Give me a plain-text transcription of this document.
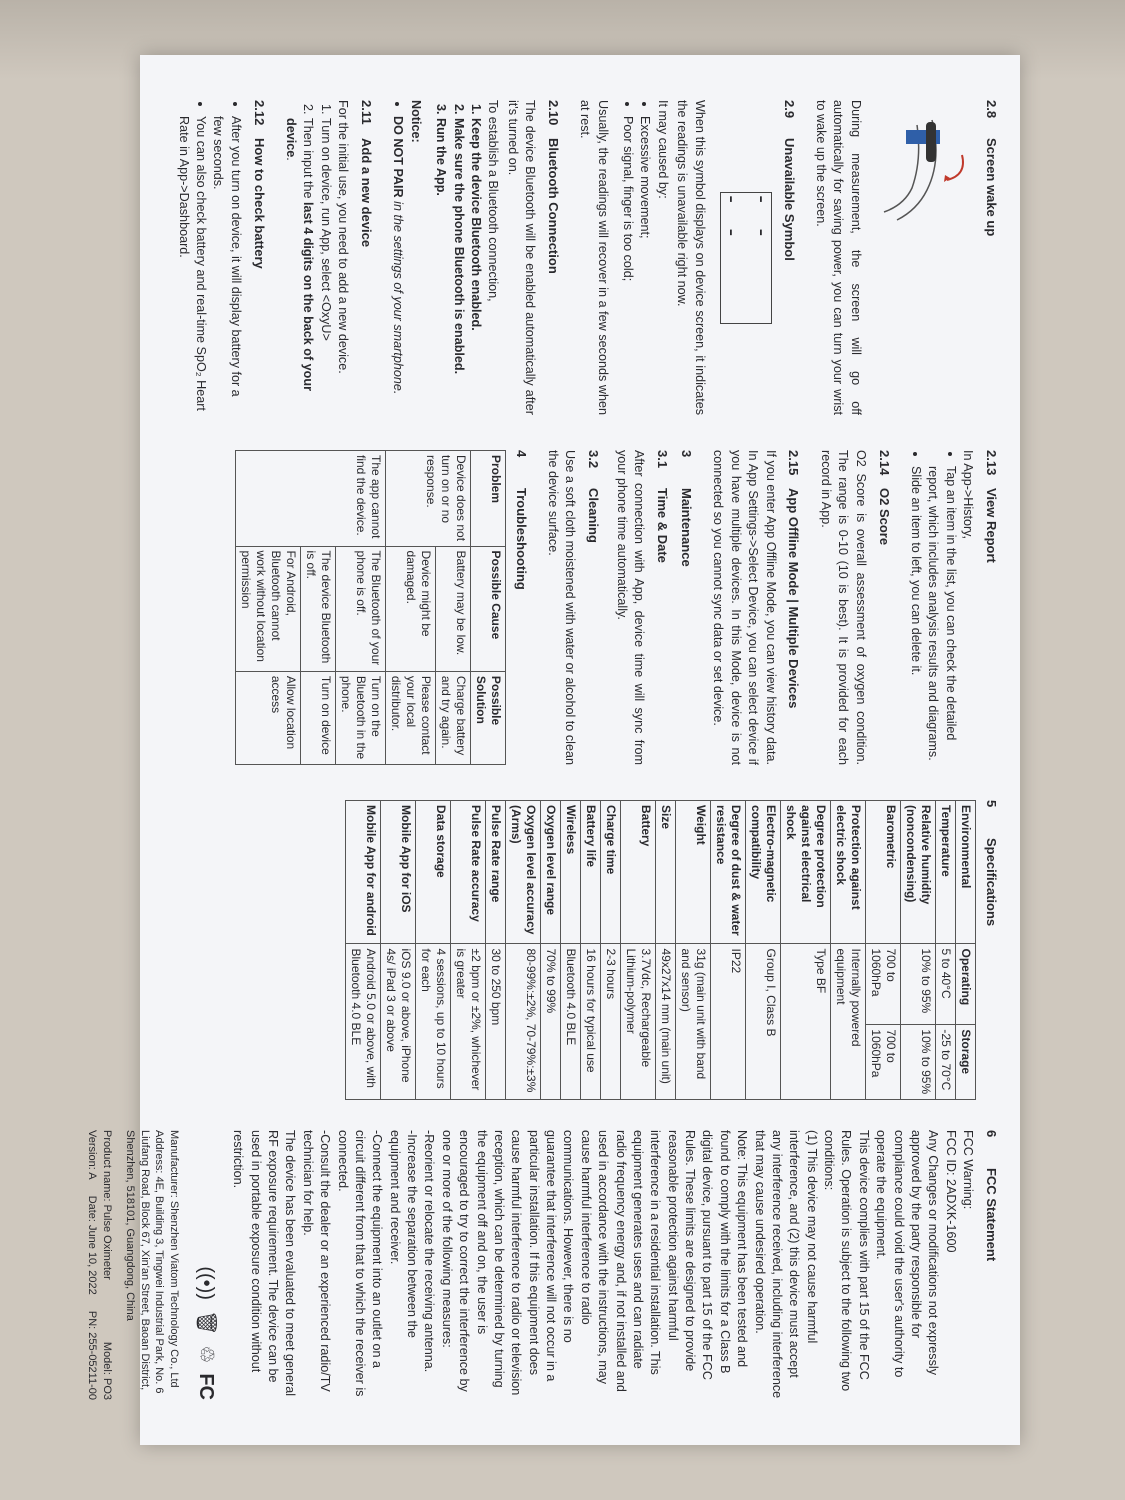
2.8Screen wake up

During measurement, the screen will go off automatically for saving power, you can turn your wrist to wake up the screen.

2.9Unavailable Symbol
-- --

When this symbol displays on device screen, it indicates the readings is unavailable right now.

It may caused by:
• Excessive movement;
• Poor signal, finger is too cold;

Usually, the readings will recover in a few seconds when at rest.

2.10Bluetooth Connection

The device Bluetooth will be enabled automatically after it's turned on.

To establish a Bluetooth connection,
1. Keep the device Bluetooth enabled.
2. Make sure the phone Bluetooth is enabled.
3. Run the App.
Notice:
• DO NOT PAIR in the settings of your smartphone.
2.11Add a new device
For the initial use, you need to add a new device.
1. Turn on device, run App, select <OxyU>
2. Then input the last 4 digits on the back of your device.
2.12How to check battery
• After you turn on device, it will display battery for a few seconds.
• You can also check battery and real-time SpO₂ Heart Rate in App->Dashboard.
2.13View Report
In App->History,
• Tap an item in the list, you can check the detailed report, which includes analysis results and diagrams.
• Slide an item to left, you can delete it.
2.14O2 Score

O2 Score is overall assessment of oxygen condition. The range is 0-10 (10 is best). It is provided for each record in App.

2.15App Offline Mode | Multiple Devices

If you enter App Offline Mode, you can view history data. In App Settings->Select Device, you can select device if you have multiple devices. In this Mode, device is not connected so you cannot sync data or set device.

3Maintenance
3.1Time & Date

After connection with App, device time will sync from your phone time automatically.

3.2Cleaning

Use a soft cloth moistened with water or alcohol to clean the device surface.

4Troubleshooting
Problem	Possible Cause	Possible Solution
Device does not turn on or no response.	Battery may be low.	Charge battery and try again.
	Device might be damaged.	Please contact your local distributor.
The app cannot find the device.	The Bluetooth of your phone is off.	Turn on the Bluetooth in the phone.
	The device Bluetooth is off.	Turn on device
	For Android, Bluetooth cannot work without location permission	Allow location access
5Specifications
Environmental	Operating	Storage
Temperature	5 to 40°C	-25 to 70°C
Relative humidity (noncondensing)	10% to 95%	10% to 95%
Barometric	700 to 1060hPa	700 to 1060hPa
Protection against electric shock	Internally powered equipment	
Degree protection against electrical shock	Type BF	
Electro-magnetic compatibility	Group I, Class B	
Degree of dust & water resistance	IP22	
Weight	31g (main unit with band and sensor)	
Size	49x27x14 mm (main unit)	
Battery	3.7Vdc, Rechargeable Lithium-polymer	
Charge time	2-3 hours	
Battery life	16 hours for typical use	
Wireless	Bluetooth 4.0 BLE	
Oxygen level range	70% to 99%	
Oxygen level accuracy (Arms)	80-99%:±2%, 70-79%:±3%	
Pulse Rate range	30 to 250 bpm	
Pulse Rate accuracy	±2 bpm or ±2%, whichever is greater	
Data storage	4 sessions, up to 10 hours for each	
Mobile App for iOS	iOS 9.0 or above, iPhone 4s/ iPad 3 or above	
Mobile App for android	Android 5.0 or above, with Bluetooth 4.0 BLE	
6FCC Statement

FCC Warning:

FCC ID: 2ADXK-1600

Any Changes or modifications not expressly approved by the party responsible for compliance could void the user's authority to operate the equipment.

This device complies with part 15 of the FCC Rules. Operation is subject to the following two conditions:

(1) This device may not cause harmful interference, and (2) this device must accept any interference received, including interference that may cause undesired operation.

Note: This equipment has been tested and found to comply with the limits for a Class B digital device, pursuant to part 15 of the FCC Rules. These limits are designed to provide reasonable protection against harmful interference in a residential installation. This equipment generates uses and can radiate radio frequency energy and, if not installed and used in accordance with the instructions, may cause harmful interference to radio communications. However, there is no guarantee that interference will not occur in a particular installation. If this equipment does cause harmful interference to radio or television reception, which can be determined by turning the equipment off and on, the user is encouraged to try to correct the interference by one or more of the following measures:

-Reorient or relocate the receiving antenna.

-Increase the separation between the equipment and receiver.

-Connect the equipment into an outlet on a circuit different from that to which the receiver is connected.

-Consult the dealer or an experienced radio/TV technician for help.

The device has been evaluated to meet general RF exposure requirement. The device can be used in portable exposure condition without restriction.

((•))
🗑
♲
FC
Manufacturer: Shenzhen Viatom Technology Co., Ltd
Address: 4E, Building 3, Tingwei Industrial Park, No. 6 Liufang Road, Block 67, Xin'an Street, Baoan District, Shenzhen, 518101, Guangdong, China
Product name: Pulse Oximeter
Model: PO3
Version: A
Date: June 10, 2022
PN: 255-05211-00
